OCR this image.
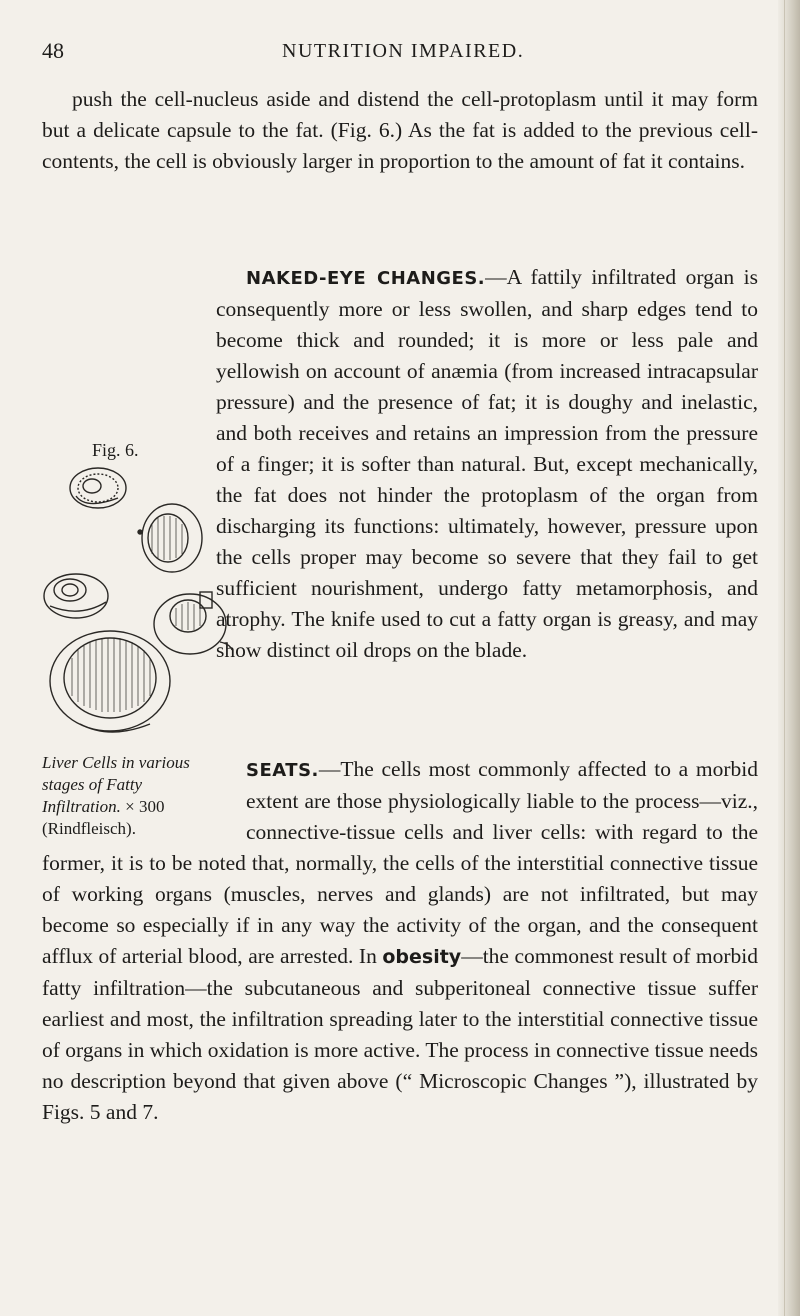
48	NUTRITION IMPAIRED.

push the cell-nucleus aside and distend the cell-protoplasm until it may form but a delicate capsule to the fat. (Fig. 6.) As the fat is added to the previous cell-contents, the cell is obviously larger in proportion to the amount of fat it contains.

NAKED-EYE CHANGES.—A fattily infiltrated organ is consequently more or less swollen, and sharp edges tend to become thick and rounded; it is more or less pale and yellowish on account of anæmia (from increased intracapsular pressure) and the presence of fat; it is doughy and inelastic, and both receives and retains an impression from the pressure of a finger; it is softer than natural. But, except mechanically, the fat does not hinder the protoplasm of the organ from discharging its functions: ultimately, however, pressure upon the cells proper may become so severe that they fail to get sufficient nourishment, undergo fatty metamorphosis, and atrophy. The knife used to cut a fatty organ is greasy, and may show distinct oil drops on the blade.

Fig. 6.
Liver Cells in various stages of Fatty Infiltration. × 300 (Rindfleisch).

SEATS.—The cells most commonly affected to a morbid extent are those physiologically liable to the process—viz., connective-tissue cells and liver cells: with regard to the former, it is to be noted that, normally, the cells of the interstitial connective tissue of working organs (muscles, nerves and glands) are not infiltrated, but may become so especially if in any way the activity of the organ, and the consequent afflux of arterial blood, are arrested. In obesity—the commonest result of morbid fatty infiltration—the subcutaneous and subperitoneal connective tissue suffer earliest and most, the infiltration spreading later to the interstitial connective tissue of organs in which oxidation is more active. The process in connective tissue needs no description beyond that given above (“ Microscopic Changes ”), illustrated by Figs. 5 and 7.
